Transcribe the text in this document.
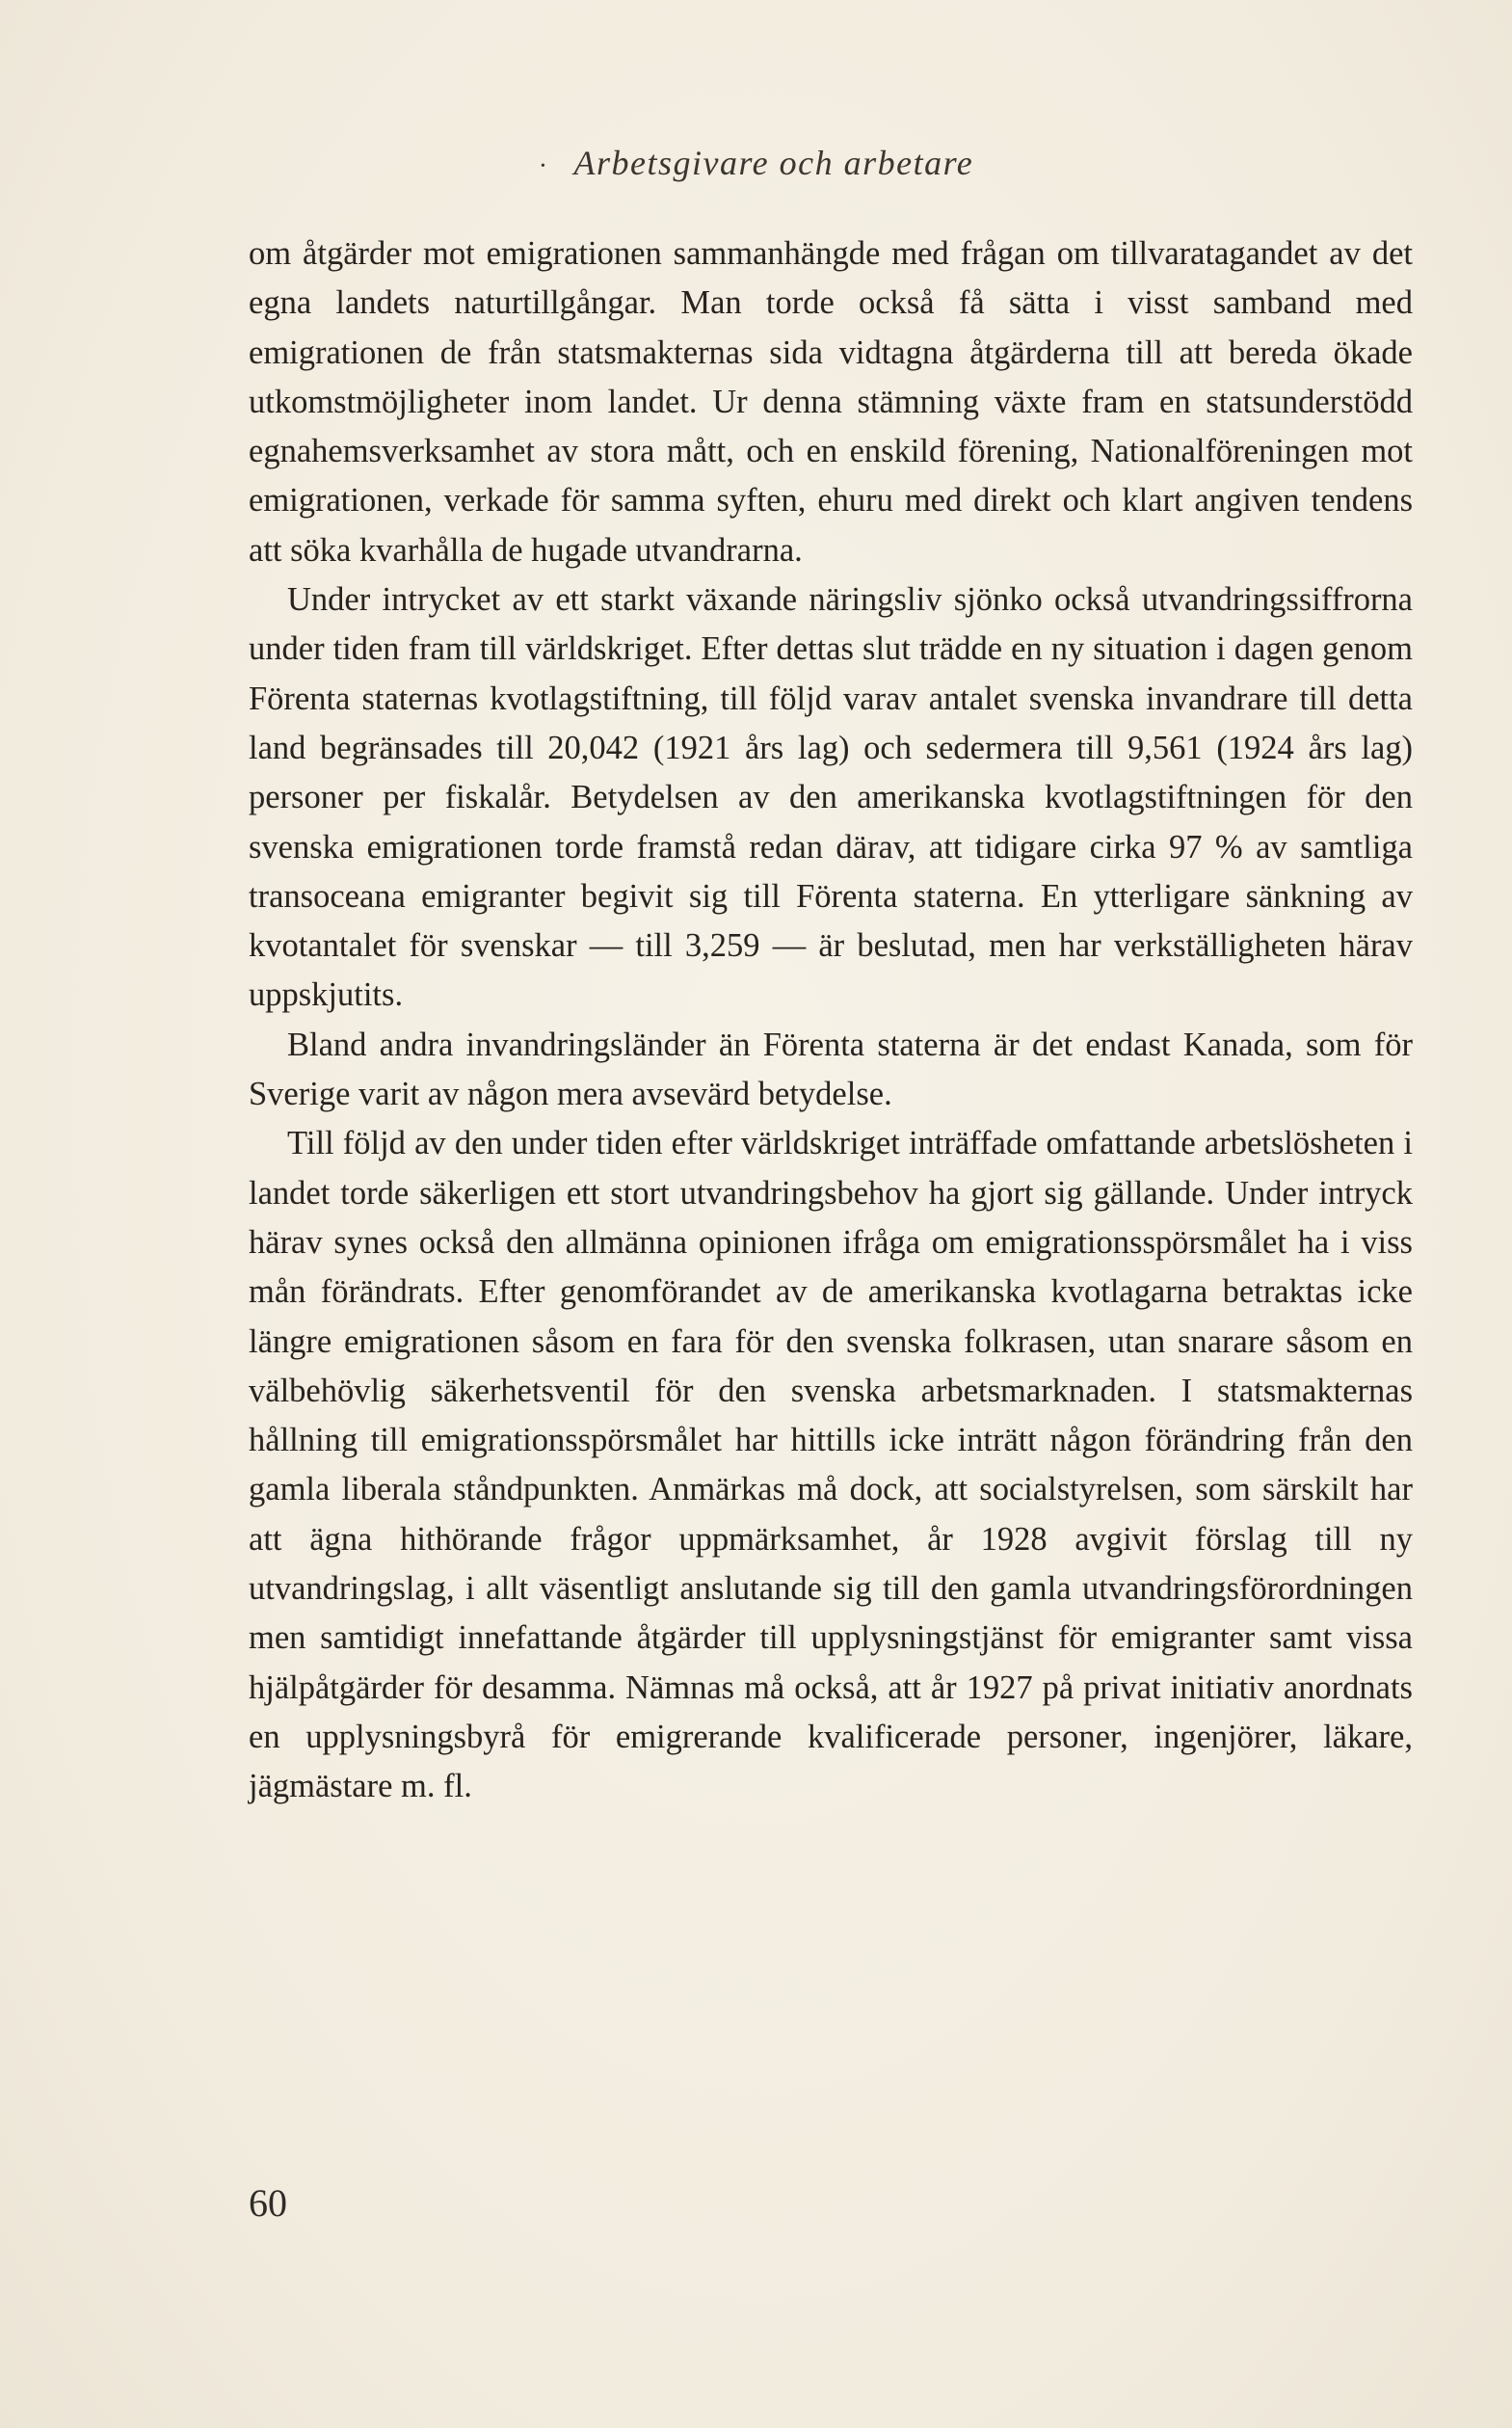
· Arbetsgivare och arbetare

om åtgärder mot emigrationen sammanhängde med frågan om tillvaratagandet av det egna landets naturtillgångar. Man torde också få sätta i visst samband med emigrationen de från statsmakternas sida vidtagna åtgärderna till att bereda ökade utkomstmöjligheter inom landet. Ur denna stämning växte fram en statsunderstödd egnahemsverksamhet av stora mått, och en enskild förening, Nationalföreningen mot emigrationen, verkade för samma syften, ehuru med direkt och klart angiven tendens att söka kvarhålla de hugade utvandrarna.

Under intrycket av ett starkt växande näringsliv sjönko också utvandringssiffrorna under tiden fram till världskriget. Efter dettas slut trädde en ny situation i dagen genom Förenta staternas kvotlagstiftning, till följd varav antalet svenska invandrare till detta land begränsades till 20,042 (1921 års lag) och sedermera till 9,561 (1924 års lag) personer per fiskalår. Betydelsen av den amerikanska kvotlagstiftningen för den svenska emigrationen torde framstå redan därav, att tidigare cirka 97 % av samtliga transoceana emigranter begivit sig till Förenta staterna. En ytterligare sänkning av kvotantalet för svenskar — till 3,259 — är beslutad, men har verkställigheten härav uppskjutits.

Bland andra invandringsländer än Förenta staterna är det endast Kanada, som för Sverige varit av någon mera avsevärd betydelse.

Till följd av den under tiden efter världskriget inträffade omfattande arbetslösheten i landet torde säkerligen ett stort utvandringsbehov ha gjort sig gällande. Under intryck härav synes också den allmänna opinionen ifråga om emigrationsspörsmålet ha i viss mån förändrats. Efter genomförandet av de amerikanska kvotlagarna betraktas icke längre emigrationen såsom en fara för den svenska folkrasen, utan snarare såsom en välbehövlig säkerhetsventil för den svenska arbetsmarknaden. I statsmakternas hållning till emigrationsspörsmålet har hittills icke inträtt någon förändring från den gamla liberala ståndpunkten. Anmärkas må dock, att socialstyrelsen, som särskilt har att ägna hithörande frågor uppmärksamhet, år 1928 avgivit förslag till ny utvandringslag, i allt väsentligt anslutande sig till den gamla utvandringsförordningen men samtidigt innefattande åtgärder till upplysningstjänst för emigranter samt vissa hjälpåtgärder för desamma. Nämnas må också, att år 1927 på privat initiativ anordnats en upplysningsbyrå för emigrerande kvalificerade personer, ingenjörer, läkare, jägmästare m. fl.

60
